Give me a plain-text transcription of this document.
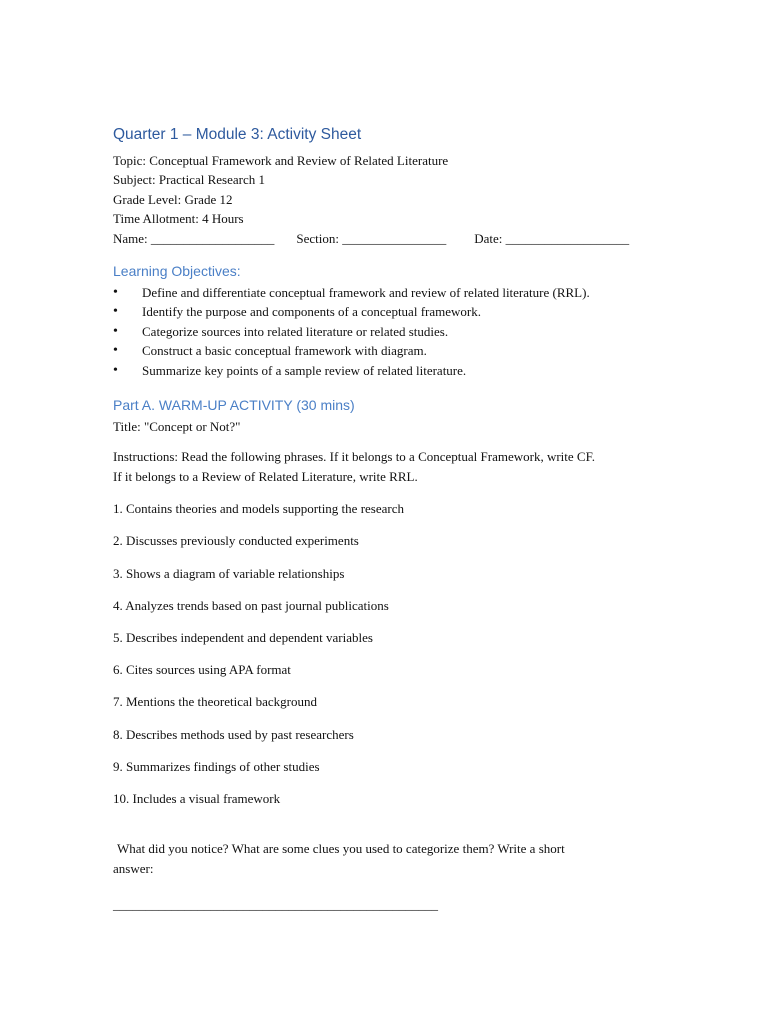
Quarter 1 – Module 3: Activity Sheet
Topic: Conceptual Framework and Review of Related Literature
Subject: Practical Research 1
Grade Level: Grade 12
Time Allotment: 4 Hours
Name: ___________________ Section: ________________ Date: ___________________
Learning Objectives:
• Define and differentiate conceptual framework and review of related literature (RRL).
• Identify the purpose and components of a conceptual framework.
• Categorize sources into related literature or related studies.
• Construct a basic conceptual framework with diagram.
• Summarize key points of a sample review of related literature.
Part A. WARM-UP ACTIVITY (30 mins)
Title: "Concept or Not?"
Instructions: Read the following phrases. If it belongs to a Conceptual Framework, write CF.
If it belongs to a Review of Related Literature, write RRL.
1. Contains theories and models supporting the research
2. Discusses previously conducted experiments
3. Shows a diagram of variable relationships
4. Analyzes trends based on past journal publications
5. Describes independent and dependent variables
6. Cites sources using APA format
7. Mentions the theoretical background
8. Describes methods used by past researchers
9. Summarizes findings of other studies
10. Includes a visual framework
What did you notice? What are some clues you used to categorize them? Write a short
answer:
__________________________________________________
